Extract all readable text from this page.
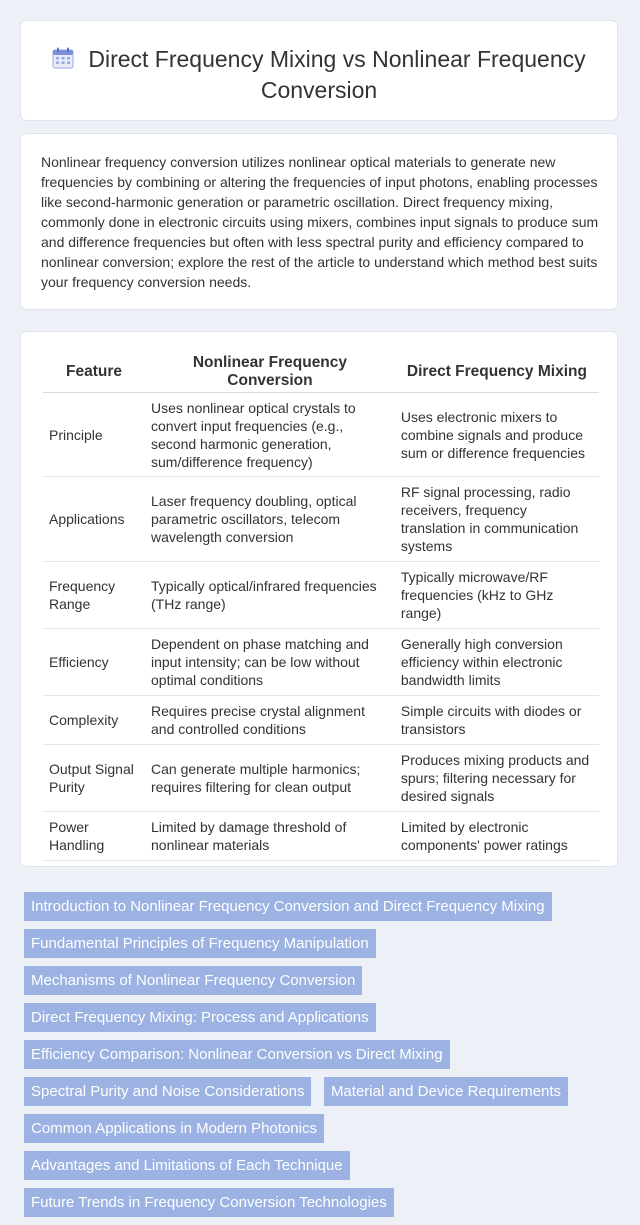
Direct Frequency Mixing vs Nonlinear Frequency Conversion

Nonlinear frequency conversion utilizes nonlinear optical materials to generate new frequencies by combining or altering the frequencies of input photons, enabling processes like second-harmonic generation or parametric oscillation. Direct frequency mixing, commonly done in electronic circuits using mixers, combines input signals to produce sum and difference frequencies but often with less spectral purity and efficiency compared to nonlinear conversion; explore the rest of the article to understand which method best suits your frequency conversion needs.

Feature	Nonlinear Frequency Conversion	Direct Frequency Mixing
Principle	Uses nonlinear optical crystals to convert input frequencies (e.g., second harmonic generation, sum/difference frequency)	Uses electronic mixers to combine signals and produce sum or difference frequencies
Applications	Laser frequency doubling, optical parametric oscillators, telecom wavelength conversion	RF signal processing, radio receivers, frequency translation in communication systems
Frequency Range	Typically optical/infrared frequencies (THz range)	Typically microwave/RF frequencies (kHz to GHz range)
Efficiency	Dependent on phase matching and input intensity; can be low without optimal conditions	Generally high conversion efficiency within electronic bandwidth limits
Complexity	Requires precise crystal alignment and controlled conditions	Simple circuits with diodes or transistors
Output Signal Purity	Can generate multiple harmonics; requires filtering for clean output	Produces mixing products and spurs; filtering necessary for desired signals
Power Handling	Limited by damage threshold of nonlinear materials	Limited by electronic components' power ratings
Introduction to Nonlinear Frequency Conversion and Direct Frequency Mixing Fundamental Principles of Frequency Manipulation Mechanisms of Nonlinear Frequency Conversion Direct Frequency Mixing: Process and Applications Efficiency Comparison: Nonlinear Conversion vs Direct Mixing Spectral Purity and Noise Considerations Material and Device Requirements Common Applications in Modern Photonics Advantages and Limitations of Each Technique Future Trends in Frequency Conversion Technologies
